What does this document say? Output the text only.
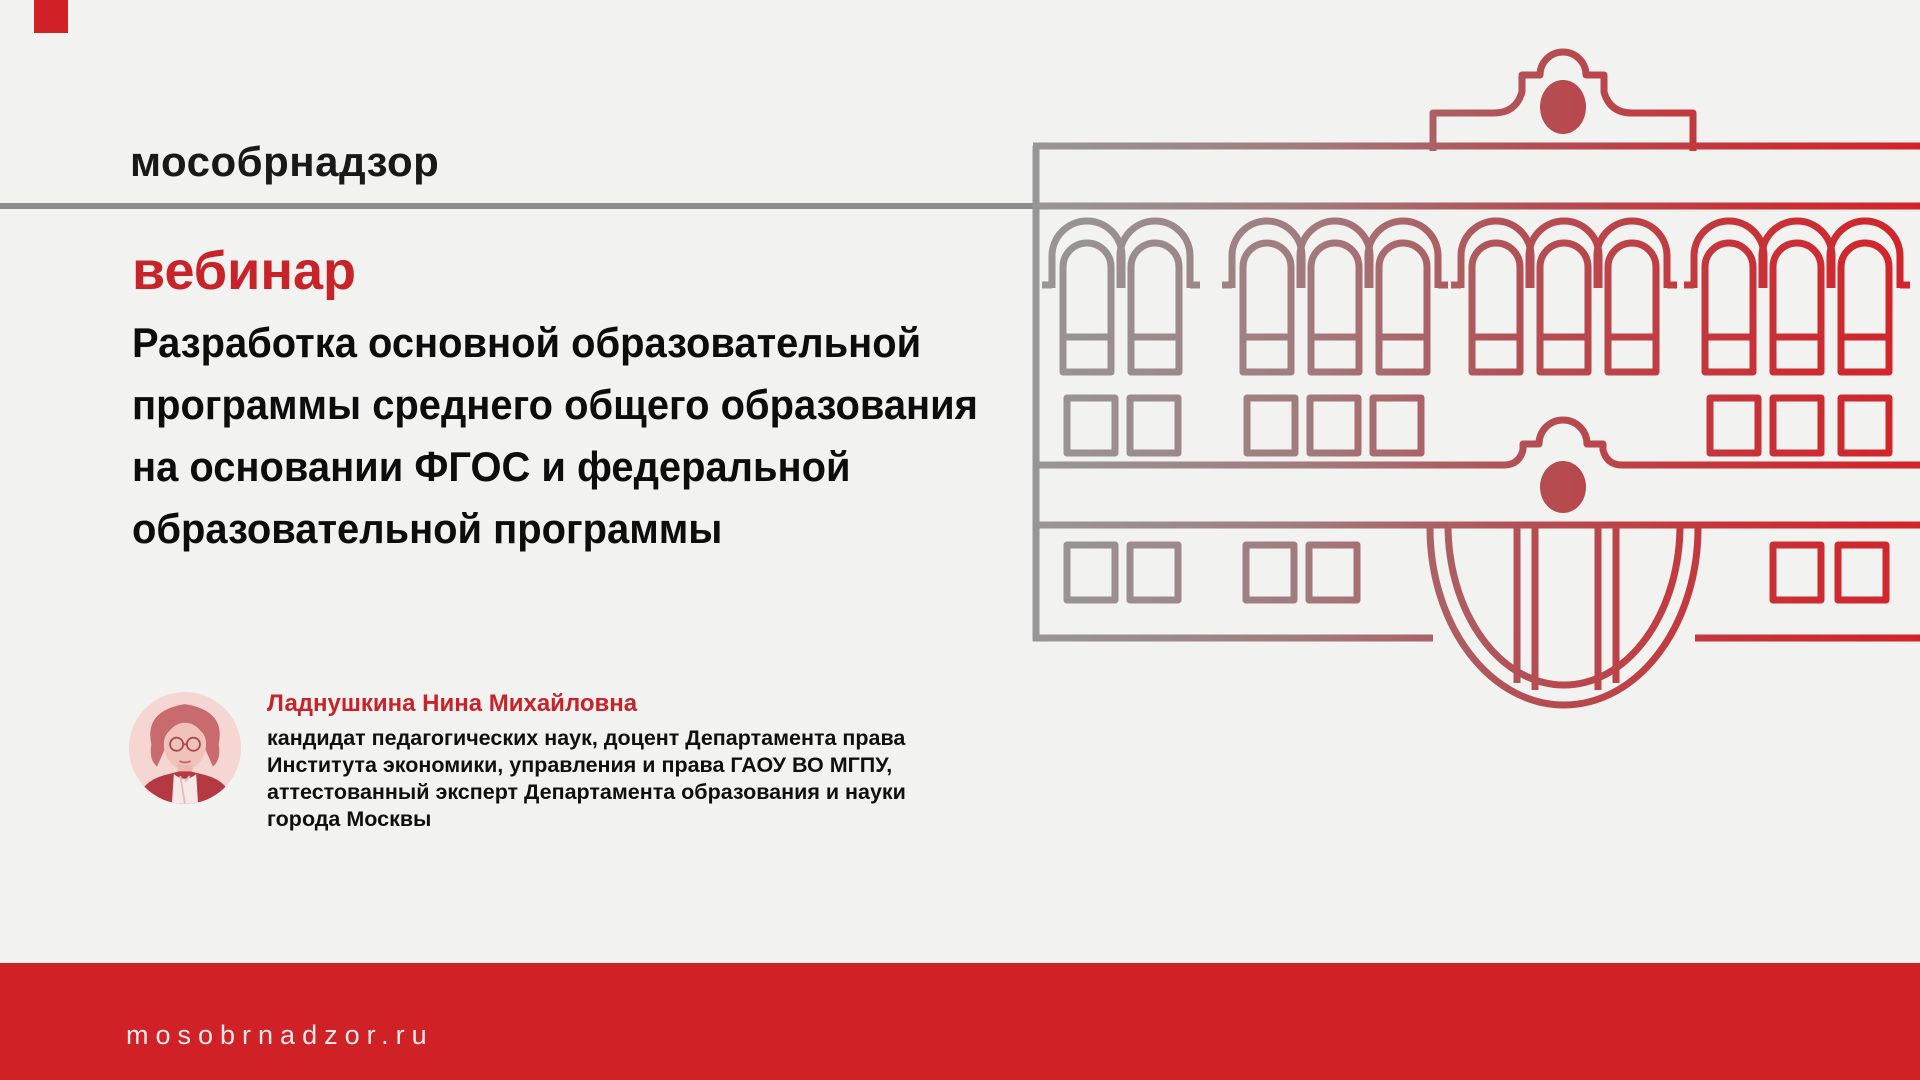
мособрнадзор
вебинар
Разработка основной образовательной
программы среднего общего образования
на основании ФГОС и федеральной
образовательной программы
Ладнушкина Нина Михайловна
кандидат педагогических наук, доцент Департамента права
Института экономики, управления и права ГАОУ ВО МГПУ,
аттестованный эксперт Департамента образования и науки
города Москвы
mosobrnadzor.ru
